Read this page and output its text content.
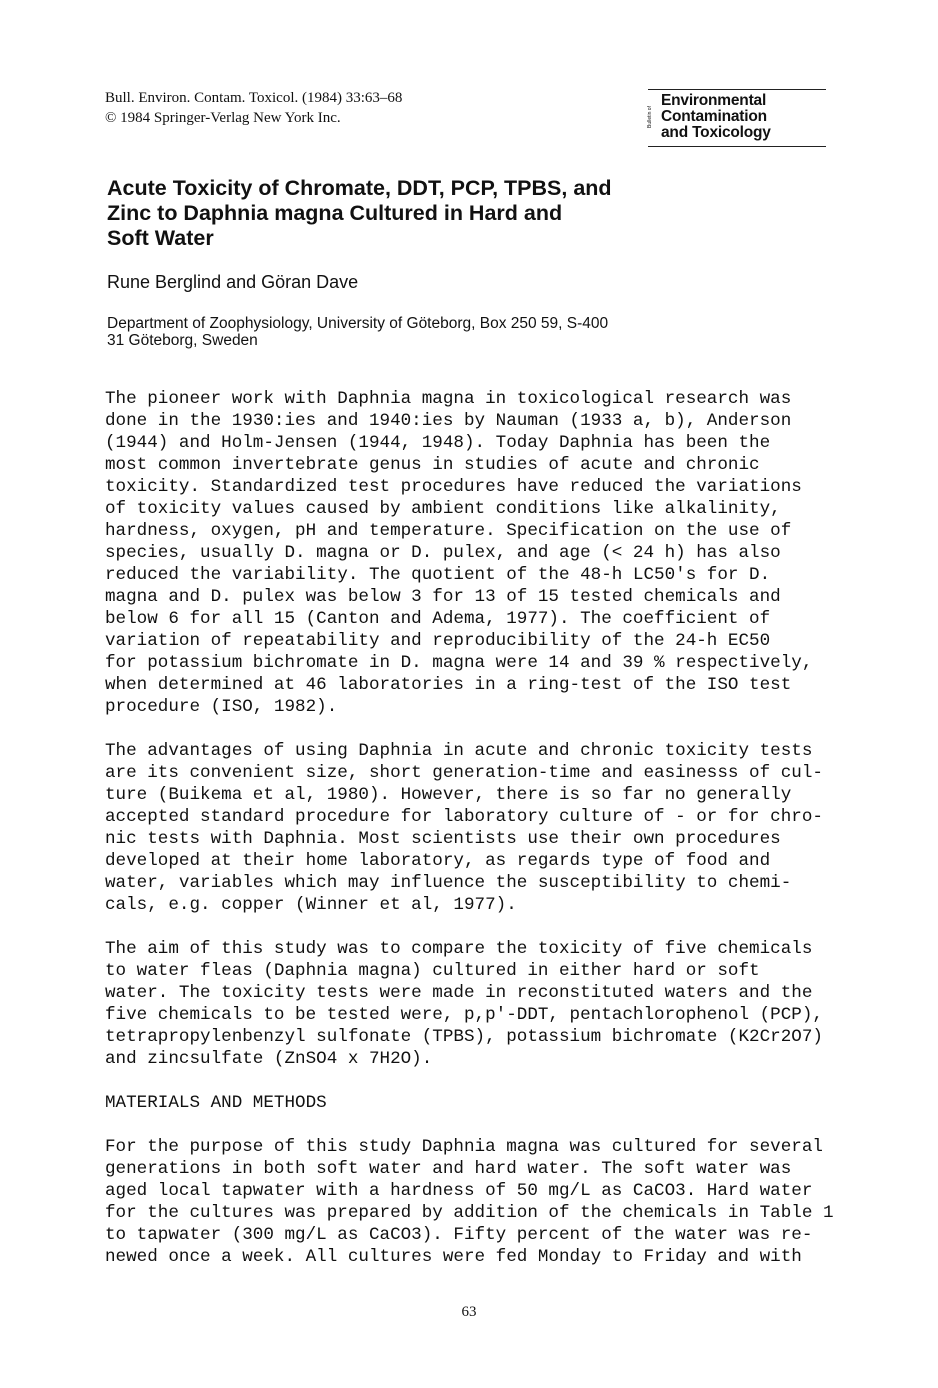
Bull. Environ. Contam. Toxicol. (1984) 33:63–68
© 1984 Springer-Verlag New York Inc.	Bulletin of
Environmental
Contamination
and Toxicology
Acute Toxicity of Chromate, DDT, PCP, TPBS, and
Zinc to Daphnia magna Cultured in Hard and
Soft Water
Rune Berglind and Göran Dave
Department of Zoophysiology, University of Göteborg, Box 250 59, S-400
31 Göteborg, Sweden
The pioneer work with Daphnia magna in toxicological research was
done in the 1930:ies and 1940:ies by Nauman (1933 a, b), Anderson
(1944) and Holm-Jensen (1944, 1948). Today Daphnia has been the
most common invertebrate genus in studies of acute and chronic
toxicity. Standardized test procedures have reduced the variations
of toxicity values caused by ambient conditions like alkalinity,
hardness, oxygen, pH and temperature. Specification on the use of
species, usually D. magna or D. pulex, and age (< 24 h) has also
reduced the variability. The quotient of the 48-h LC50's for D.
magna and D. pulex was below 3 for 13 of 15 tested chemicals and
below 6 for all 15 (Canton and Adema, 1977). The coefficient of
variation of repeatability and reproducibility of the 24-h EC50
for potassium bichromate in D. magna were 14 and 39 % respectively,
when determined at 46 laboratories in a ring-test of the ISO test
procedure (ISO, 1982).
The advantages of using Daphnia in acute and chronic toxicity tests
are its convenient size, short generation-time and easinesss of cul-
ture (Buikema et al, 1980). However, there is so far no generally
accepted standard procedure for laboratory culture of - or for chro-
nic tests with Daphnia. Most scientists use their own procedures
developed at their home laboratory, as regards type of food and
water, variables which may influence the susceptibility to chemi-
cals, e.g. copper (Winner et al, 1977).
The aim of this study was to compare the toxicity of five chemicals
to water fleas (Daphnia magna) cultured in either hard or soft
water. The toxicity tests were made in reconstituted waters and the
five chemicals to be tested were, p,p'-DDT, pentachlorophenol (PCP),
tetrapropylenbenzyl sulfonate (TPBS), potassium bichromate (K2Cr2O7)
and zincsulfate (ZnSO4 x 7H2O).
MATERIALS AND METHODS
For the purpose of this study Daphnia magna was cultured for several
generations in both soft water and hard water. The soft water was
aged local tapwater with a hardness of 50 mg/L as CaCO3. Hard water
for the cultures was prepared by addition of the chemicals in Table 1
to tapwater (300 mg/L as CaCO3). Fifty percent of the water was re-
newed once a week. All cultures were fed Monday to Friday and with
63
